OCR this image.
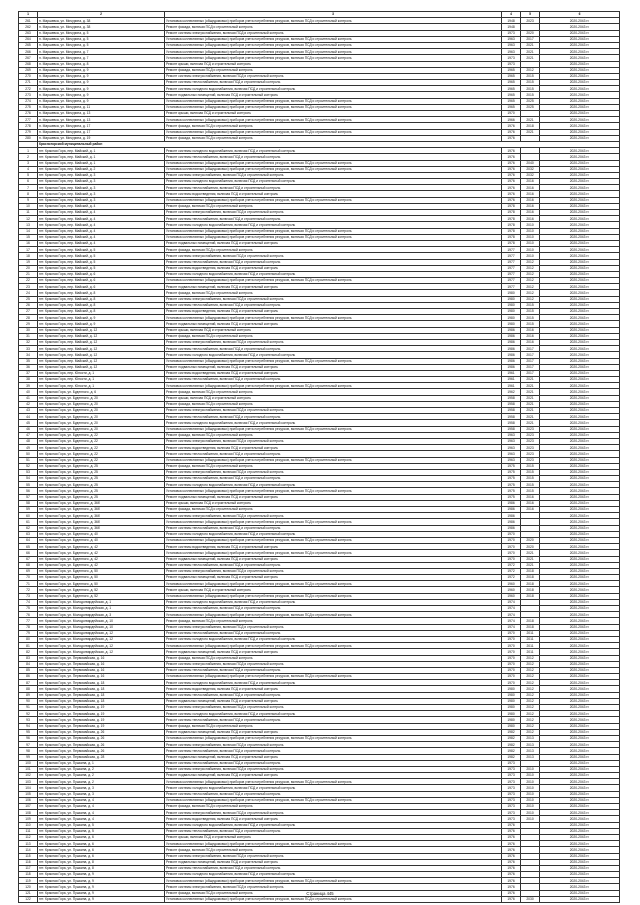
1	2	3	4	5	6
261	п. Маршевка, ул. Мичурина, д. 38	Установка коллективных (общедомовых) приборов учета потребления ресурсов, включая ПСД и строительный контроль	1948	2023	2020-2043 гг.
262	п. Маршевка, ул. Мичурина, д. 38	Ремонт фасада, включая ПСД и строительный контроль	1948		2020-2043 гг.
263	п. Маршевка, ул. Мичурина, д. 5	Ремонт системы электроснабжения, включая ПСД и строительный контроль	1973	2020	2020-2043 гг.
264	п. Маршевка, ул. Мичурина, д. 5	Установка коллективных (общедомовых) приборов учета потребления ресурсов, включая ПСД и строительный контроль	1963	2017	2020-2043 гг.
265	п. Маршевка, ул. Мичурина, д. 5	Установка коллективных (общедомовых) приборов учета потребления ресурсов, включая ПСД и строительный контроль	1963	2021	2020-2043 гг.
266	п. Маршевка, ул. Мичурина, д. 7	Установка коллективных (общедомовых) приборов учета потребления ресурсов, включая ПСД и строительный контроль	1963	2021	2020-2043 гг.
267	п. Маршевка, ул. Мичурина, д. 7	Установка коллективных (общедомовых) приборов учета потребления ресурсов, включая ПСД и строительный контроль	1973	2021	2020-2043 гг.
268	п. Маршевка, ул. Мичурина, д. 8	Ремонт крыши, включая ПСД и строительный контроль	1973		2020-2043 гг.
269	п. Маршевка, ул. Мичурина, д. 9	Ремонт фасада, включая ПСД и строительный контроль	1965	2012	2020-2043 гг.
270	п. Маршевка, ул. Мичурина, д. 9	Ремонт системы электроснабжения, включая ПСД и строительный контроль	1965	2015	2020-2043 гг.
271	п. Маршевка, ул. Мичурина, д. 9	Ремонт системы теплоснабжения, включая ПСД и строительный контроль	1965	2015	2020-2043 гг.
272	п. Маршевка, ул. Мичурина, д. 9	Ремонт системы холодного водоснабжения, включая ПСД и строительный контроль	1965	2015	2020-2043 гг.
273	п. Маршевка, ул. Мичурина, д. 9	Ремонт подвальных помещений, включая ПСД и строительный контроль	1965	2015	2020-2043 гг.
274	п. Маршевка, ул. Мичурина, д. 9	Установка коллективных (общедомовых) приборов учета потребления ресурсов, включая ПСД и строительный контроль	1965	2025	2020-2043 гг.
275	п. Маршевка, ул. Мичурина, д. 11	Установка коллективных (общедомовых) приборов учета потребления ресурсов, включая ПСД и строительный контроль	1965	2025	2020-2043 гг.
276	п. Маршевка, ул. Мичурина, д. 13	Ремонт крыши, включая ПСД и строительный контроль	1970		2020-2043 гг.
277	п. Маршевка, ул. Мичурина, д. 13	Установка коллективных (общедомовых) приборов учета потребления ресурсов, включая ПСД и строительный контроль	1966	2021	2020-2043 гг.
278	п. Маршевка, ул. Мичурина, д. 17	Ремонт фасада, включая ПСД и строительный контроль	1976	2018	2020-2043 гг.
279	п. Маршевка, ул. Мичурина, д. 17	Установка коллективных (общедомовых) приборов учета потребления ресурсов, включая ПСД и строительный контроль	1976	2021	2020-2043 гг.
280	п. Маршевка, ул. Мичурина, д. 19	Ремонт фасада, включая ПСД и строительный контроль	1976		2020-2043 гг.
	Красногорский муниципальный район				
1	пгт. Красная Гора, пер. Майский, д. 1	Ремонт системы холодного водоснабжения, включая ПСД и строительный контроль	1976		2020-2043 гг.
2	пгт. Красная Гора, пер. Майский, д. 1	Ремонт системы теплоснабжения, включая ПСД и строительный контроль	1976		2020-2043 гг.
3	пгт. Красная Гора, пер. Майский, д. 1	Установка коллективных (общедомовых) приборов учета потребления ресурсов, включая ПСД и строительный контроль	1976	2040	2020-2043 гг.
4	пгт. Красная Гора, пер. Майский, д. 2	Установка коллективных (общедомовых) приборов учета потребления ресурсов, включая ПСД и строительный контроль	1976	2032	2020-2043 гг.
5	пгт. Красная Гора, пер. Майский, д. 3	Ремонт системы электроснабжения, включая ПСД и строительный контроль	1976	2032	2020-2043 гг.
6	пгт. Красная Гора, пер. Майский, д. 3	Ремонт системы холодного водоснабжения, включая ПСД и строительный контроль	1976	2016	2020-2043 гг.
7	пгт. Красная Гора, пер. Майский, д. 3	Ремонт системы теплоснабжения, включая ПСД и строительный контроль	1976	2016	2020-2043 гг.
8	пгт. Красная Гора, пер. Майский, д. 3	Ремонт системы водоотведения, включая ПСД и строительный контроль	1976	2016	2020-2043 гг.
9	пгт. Красная Гора, пер. Майский, д. 3	Установка коллективных (общедомовых) приборов учета потребления ресурсов, включая ПСД и строительный контроль	1976	2016	2020-2043 гг.
10	пгт. Красная Гора, пер. Майский, д. 4	Ремонт фасада, включая ПСД и строительный контроль	1978	2016	2020-2043 гг.
11	пгт. Красная Гора, пер. Майский, д. 4	Ремонт системы электроснабжения, включая ПСД и строительный контроль	1978	2016	2020-2043 гг.
12	пгт. Красная Гора, пер. Майский, д. 4	Ремонт системы теплоснабжения, включая ПСД и строительный контроль	1978	2016	2020-2043 гг.
13	пгт. Красная Гора, пер. Майский, д. 4	Ремонт системы холодного водоснабжения, включая ПСД и строительный контроль	1978	2010	2020-2043 гг.
14	пгт. Красная Гора, пер. Майский, д. 4	Установка коллективных (общедомовых) приборов учета потребления ресурсов, включая ПСД и строительный контроль	1978	2010	2020-2043 гг.
15	пгт. Красная Гора, пер. Майский, д. 4	Установка коллективных (общедомовых) приборов учета потребления ресурсов, включая ПСД и строительный контроль	1978	2010	2020-2043 гг.
16	пгт. Красная Гора, пер. Майский, д. 4	Ремонт подвальных помещений, включая ПСД и строительный контроль	1978	2010	2020-2043 гг.
17	пгт. Красная Гора, пер. Майский, д. 5	Ремонт фасада, включая ПСД и строительный контроль	1977	2010	2020-2043 гг.
18	пгт. Красная Гора, пер. Майский, д. 5	Ремонт системы электроснабжения, включая ПСД и строительный контроль	1977	2010	2020-2043 гг.
19	пгт. Красная Гора, пер. Майский, д. 5	Ремонт системы теплоснабжения, включая ПСД и строительный контроль	1977	2012	2020-2043 гг.
20	пгт. Красная Гора, пер. Майский, д. 5	Ремонт системы водоотведения, включая ПСД и строительный контроль	1977	2012	2020-2043 гг.
21	пгт. Красная Гора, пер. Майский, д. 6	Ремонт системы холодного водоснабжения, включая ПСД и строительный контроль	1977	2012	2020-2043 гг.
22	пгт. Красная Гора, пер. Майский, д. 6	Установка коллективных (общедомовых) приборов учета потребления ресурсов, включая ПСД и строительный контроль	1977	2012	2020-2043 гг.
23	пгт. Красная Гора, пер. Майский, д. 6	Ремонт подвальных помещений, включая ПСД и строительный контроль	1977	2012	2020-2043 гг.
24	пгт. Красная Гора, пер. Майский, д. 8	Ремонт фасада, включая ПСД и строительный контроль	1980	2012	2020-2043 гг.
25	пгт. Красная Гора, пер. Майский, д. 8	Ремонт системы электроснабжения, включая ПСД и строительный контроль	1980	2012	2020-2043 гг.
26	пгт. Красная Гора, пер. Майский, д. 8	Ремонт системы теплоснабжения, включая ПСД и строительный контроль	1980	2015	2020-2043 гг.
27	пгт. Красная Гора, пер. Майский, д. 8	Ремонт системы водоотведения, включая ПСД и строительный контроль	1980	2015	2020-2043 гг.
28	пгт. Красная Гора, пер. Майский, д. 9	Установка коллективных (общедомовых) приборов учета потребления ресурсов, включая ПСД и строительный контроль	1980	2015	2020-2043 гг.
29	пгт. Красная Гора, пер. Майский, д. 9	Ремонт подвальных помещений, включая ПСД и строительный контроль	1980	2015	2020-2043 гг.
30	пгт. Красная Гора, пер. Майский, д. 12	Ремонт крыши, включая ПСД и строительный контроль	1986	2016	2020-2043 гг.
31	пгт. Красная Гора, пер. Майский, д. 12	Ремонт фасада, включая ПСД и строительный контроль	1986	2016	2020-2043 гг.
32	пгт. Красная Гора, пер. Майский, д. 12	Ремонт системы электроснабжения, включая ПСД и строительный контроль	1986	2016	2020-2043 гг.
33	пгт. Красная Гора, пер. Майский, д. 12	Ремонт системы теплоснабжения, включая ПСД и строительный контроль	1986	2017	2020-2043 гг.
34	пгт. Красная Гора, пер. Майский, д. 12	Ремонт системы холодного водоснабжения, включая ПСД и строительный контроль	1986	2017	2020-2043 гг.
35	пгт. Красная Гора, пер. Майский, д. 12	Установка коллективных (общедомовых) приборов учета потребления ресурсов, включая ПСД и строительный контроль	1986	2017	2020-2043 гг.
36	пгт. Красная Гора, пер. Майский, д. 12	Ремонт подвальных помещений, включая ПСД и строительный контроль	1986	2017	2020-2043 гг.
37	пгт. Красная Гора, пер. Юности, д. 1	Ремонт системы водоотведения, включая ПСД и строительный контроль	1961	2017	2020-2043 гг.
38	пгт. Красная Гора, пер. Юности, д. 1	Ремонт системы теплоснабжения, включая ПСД и строительный контроль	1961	2021	2020-2043 гг.
39	пгт. Красная Гора, пер. Юности, д. 1	Установка коллективных (общедомовых) приборов учета потребления ресурсов, включая ПСД и строительный контроль	1961	2021	2020-2043 гг.
40	пгт. Красная Гора, ул. Буденного, д. 6	Ремонт фасада, включая ПСД и строительный контроль	1962	2021	2020-2043 гг.
41	пгт. Красная Гора, ул. Буденного, д. 20	Ремонт крыши, включая ПСД и строительный контроль	1958	2021	2020-2043 гг.
42	пгт. Красная Гора, ул. Буденного, д. 20	Ремонт фасада, включая ПСД и строительный контроль	1958	2021	2020-2043 гг.
43	пгт. Красная Гора, ул. Буденного, д. 20	Ремонт системы электроснабжения, включая ПСД и строительный контроль	1958	2021	2020-2043 гг.
44	пгт. Красная Гора, ул. Буденного, д. 20	Ремонт системы теплоснабжения, включая ПСД и строительный контроль	1958	2021	2020-2043 гг.
45	пгт. Красная Гора, ул. Буденного, д. 20	Ремонт системы холодного водоснабжения, включая ПСД и строительный контроль	1958	2021	2020-2043 гг.
46	пгт. Красная Гора, ул. Буденного, д. 20	Установка коллективных (общедомовых) приборов учета потребления ресурсов, включая ПСД и строительный контроль	1958	2023	2020-2043 гг.
47	пгт. Красная Гора, ул. Буденного, д. 22	Ремонт фасада, включая ПСД и строительный контроль	1963	2023	2020-2043 гг.
48	пгт. Красная Гора, ул. Буденного, д. 22	Ремонт системы электроснабжения, включая ПСД и строительный контроль	1963	2023	2020-2043 гг.
49	пгт. Красная Гора, ул. Буденного, д. 22	Ремонт системы водоотведения, включая ПСД и строительный контроль	1963	2023	2020-2043 гг.
50	пгт. Красная Гора, ул. Буденного, д. 22	Ремонт системы теплоснабжения, включая ПСД и строительный контроль	1963	2023	2020-2043 гг.
51	пгт. Красная Гора, ул. Буденного, д. 22	Установка коллективных (общедомовых) приборов учета потребления ресурсов, включая ПСД и строительный контроль	1963	2023	2020-2043 гг.
52	пгт. Красная Гора, ул. Буденного, д. 25	Ремонт фасада, включая ПСД и строительный контроль	1975	2015	2020-2043 гг.
53	пгт. Красная Гора, ул. Буденного, д. 25	Ремонт системы электроснабжения, включая ПСД и строительный контроль	1975	2015	2020-2043 гг.
54	пгт. Красная Гора, ул. Буденного, д. 25	Ремонт системы теплоснабжения, включая ПСД и строительный контроль	1975	2015	2020-2043 гг.
55	пгт. Красная Гора, ул. Буденного, д. 25	Ремонт системы холодного водоснабжения, включая ПСД и строительный контроль	1975	2015	2020-2043 гг.
56	пгт. Красная Гора, ул. Буденного, д. 25	Установка коллективных (общедомовых) приборов учета потребления ресурсов, включая ПСД и строительный контроль	1975	2015	2020-2043 гг.
57	пгт. Красная Гора, ул. Буденного, д. 25	Ремонт подвальных помещений, включая ПСД и строительный контроль	1975	2016	2020-2043 гг.
58	пгт. Красная Гора, ул. Буденного, д. 36б	Ремонт крыши, включая ПСД и строительный контроль	1986	2016	2020-2043 гг.
59	пгт. Красная Гора, ул. Буденного, д. 36б	Ремонт фасада, включая ПСД и строительный контроль	1986	2016	2020-2043 гг.
60	пгт. Красная Гора, ул. Буденного, д. 36б	Ремонт системы электроснабжения, включая ПСД и строительный контроль	1986		2020-2043 гг.
61	пгт. Красная Гора, ул. Буденного, д. 36б	Установка коллективных (общедомовых) приборов учета потребления ресурсов, включая ПСД и строительный контроль	1986		2020-2043 гг.
62	пгт. Красная Гора, ул. Буденного, д. 36б	Ремонт системы теплоснабжения, включая ПСД и строительный контроль	1986		2020-2043 гг.
63	пгт. Красная Гора, ул. Буденного, д. 40	Ремонт системы холодного водоснабжения, включая ПСД и строительный контроль	1970		2020-2043 гг.
64	пгт. Красная Гора, ул. Буденного, д. 40	Установка коллективных (общедомовых) приборов учета потребления ресурсов, включая ПСД и строительный контроль	1970	2020	2020-2043 гг.
65	пгт. Красная Гора, ул. Буденного, д. 42	Ремонт системы водоотведения, включая ПСД и строительный контроль	1970	2020	2020-2043 гг.
66	пгт. Красная Гора, ул. Буденного, д. 42	Установка коллективных (общедомовых) приборов учета потребления ресурсов, включая ПСД и строительный контроль	1970	2021	2020-2043 гг.
67	пгт. Красная Гора, ул. Буденного, д. 42	Ремонт подвальных помещений, включая ПСД и строительный контроль	1970	2021	2020-2043 гг.
68	пгт. Красная Гора, ул. Буденного, д. 42	Ремонт системы теплоснабжения, включая ПСД и строительный контроль	1972	2021	2020-2043 гг.
69	пгт. Красная Гора, ул. Буденного, д. 50	Ремонт системы электроснабжения, включая ПСД и строительный контроль	1972	2018	2020-2043 гг.
70	пгт. Красная Гора, ул. Буденного, д. 50	Ремонт подвальных помещений, включая ПСД и строительный контроль	1972	2018	2020-2043 гг.
71	пгт. Красная Гора, ул. Буденного, д. 50	Установка коллективных (общедомовых) приборов учета потребления ресурсов, включая ПСД и строительный контроль	1960	2018	2020-2043 гг.
72	пгт. Красная Гора, ул. Буденного, д. 52	Ремонт крыши, включая ПСД и строительный контроль	1960	2018	2020-2043 гг.
73	пгт. Красная Гора, ул. Буденного, д. 52	Установка коллективных (общедомовых) приборов учета потребления ресурсов, включая ПСД и строительный контроль	1960	2018	2020-2043 гг.
74	пгт. Красная Гора, ул. Молодогвардейская, д. 1	Ремонт системы холодного водоснабжения, включая ПСД и строительный контроль	1974		2020-2043 гг.
75	пгт. Красная Гора, ул. Молодогвардейская, д. 1	Ремонт системы теплоснабжения, включая ПСД и строительный контроль	1974		2020-2043 гг.
76	пгт. Красная Гора, ул. Молодогвардейская, д. 3	Установка коллективных (общедомовых) приборов учета потребления ресурсов, включая ПСД и строительный контроль	1974		2020-2043 гг.
77	пгт. Красная Гора, ул. Молодогвардейская, д. 10	Ремонт фасада, включая ПСД и строительный контроль	1974	2018	2020-2043 гг.
78	пгт. Красная Гора, ул. Молодогвардейская, д. 10	Ремонт системы электроснабжения, включая ПСД и строительный контроль	1974	2018	2020-2043 гг.
79	пгт. Красная Гора, ул. Молодогвардейская, д. 12	Ремонт системы теплоснабжения, включая ПСД и строительный контроль	1970	2011	2020-2043 гг.
80	пгт. Красная Гора, ул. Молодогвардейская, д. 12	Ремонт системы холодного водоснабжения, включая ПСД и строительный контроль	1970	2011	2020-2043 гг.
81	пгт. Красная Гора, ул. Молодогвардейская, д. 12	Установка коллективных (общедомовых) приборов учета потребления ресурсов, включая ПСД и строительный контроль	1970	2011	2020-2043 гг.
82	пгт. Красная Гора, ул. Молодогвардейская, д. 12	Ремонт подвальных помещений, включая ПСД и строительный контроль	1970	2011	2020-2043 гг.
83	пгт. Красная Гора, ул. Первомайская, д. 16	Ремонт фасада, включая ПСД и строительный контроль	1970	2012	2020-2043 гг.
84	пгт. Красная Гора, ул. Первомайская, д. 16	Ремонт системы электроснабжения, включая ПСД и строительный контроль	1970	2012	2020-2043 гг.
85	пгт. Красная Гора, ул. Первомайская, д. 16	Ремонт системы теплоснабжения, включая ПСД и строительный контроль	1970	2012	2020-2043 гг.
86	пгт. Красная Гора, ул. Первомайская, д. 16	Установка коллективных (общедомовых) приборов учета потребления ресурсов, включая ПСД и строительный контроль	1970	2012	2020-2043 гг.
87	пгт. Красная Гора, ул. Первомайская, д. 18	Ремонт системы холодного водоснабжения, включая ПСД и строительный контроль	1970	2012	2020-2043 гг.
88	пгт. Красная Гора, ул. Первомайская, д. 18	Ремонт системы водоотведения, включая ПСД и строительный контроль	1980	2012	2020-2043 гг.
89	пгт. Красная Гора, ул. Первомайская, д. 18	Ремонт системы теплоснабжения, включая ПСД и строительный контроль	1980	2012	2020-2043 гг.
90	пгт. Красная Гора, ул. Первомайская, д. 18	Ремонт подвальных помещений, включая ПСД и строительный контроль	1980	2012	2020-2043 гг.
91	пгт. Красная Гора, ул. Первомайская, д. 19	Ремонт системы электроснабжения, включая ПСД и строительный контроль	1980	2012	2020-2043 гг.
92	пгт. Красная Гора, ул. Первомайская, д. 19	Ремонт системы холодного водоснабжения, включая ПСД и строительный контроль	1980	2012	2020-2043 гг.
93	пгт. Красная Гора, ул. Первомайская, д. 19	Ремонт системы теплоснабжения, включая ПСД и строительный контроль	1980	2012	2020-2043 гг.
94	пгт. Красная Гора, ул. Первомайская, д. 19	Ремонт фасада, включая ПСД и строительный контроль	1980	2012	2020-2043 гг.
95	пгт. Красная Гора, ул. Первомайская, д. 26	Ремонт подвальных помещений, включая ПСД и строительный контроль	1982	2012	2020-2043 гг.
96	пгт. Красная Гора, ул. Первомайская, д. 26	Установка коллективных (общедомовых) приборов учета потребления ресурсов, включая ПСД и строительный контроль	1982	2013	2020-2043 гг.
97	пгт. Красная Гора, ул. Первомайская, д. 26	Ремонт системы электроснабжения, включая ПСД и строительный контроль	1982	2013	2020-2043 гг.
98	пгт. Красная Гора, ул. Первомайская, д. 26	Ремонт системы теплоснабжения, включая ПСД и строительный контроль	1982	2013	2020-2043 гг.
99	пгт. Красная Гора, ул. Первомайская, д. 28	Ремонт подвальных помещений, включая ПСД и строительный контроль	1982	2013	2020-2043 гг.
100	пгт. Красная Гора, ул. Пушкина, д. 1	Ремонт системы теплоснабжения, включая ПСД и строительный контроль	1973		2020-2043 гг.
101	пгт. Красная Гора, ул. Пушкина, д. 2	Ремонт системы электроснабжения, включая ПСД и строительный контроль	1973	2010	2020-2043 гг.
102	пгт. Красная Гора, ул. Пушкина, д. 2	Ремонт подвальных помещений, включая ПСД и строительный контроль	1973	2010	2020-2043 гг.
103	пгт. Красная Гора, ул. Пушкина, д. 2	Установка коллективных (общедомовых) приборов учета потребления ресурсов, включая ПСД и строительный контроль	1973	2010	2020-2043 гг.
104	пгт. Красная Гора, ул. Пушкина, д. 3	Ремонт системы холодного водоснабжения, включая ПСД и строительный контроль	1973	2010	2020-2043 гг.
105	пгт. Красная Гора, ул. Пушкина, д. 3	Ремонт системы теплоснабжения, включая ПСД и строительный контроль	1973	2010	2020-2043 гг.
106	пгт. Красная Гора, ул. Пушкина, д. 4	Установка коллективных (общедомовых) приборов учета потребления ресурсов, включая ПСД и строительный контроль	1973	2010	2020-2043 гг.
107	пгт. Красная Гора, ул. Пушкина, д. 4	Ремонт фасада, включая ПСД и строительный контроль	1973	2010	2020-2043 гг.
108	пгт. Красная Гора, ул. Пушкина, д. 4	Ремонт системы электроснабжения, включая ПСД и строительный контроль	1973	2010	2020-2043 гг.
109	пгт. Красная Гора, ул. Пушкина, д. 4	Ремонт системы водоотведения, включая ПСД и строительный контроль	1973	2010	2020-2043 гг.
110	пгт. Красная Гора, ул. Пушкина, д. 5	Ремонт системы холодного водоснабжения, включая ПСД и строительный контроль	1976		2020-2043 гг.
111	пгт. Красная Гора, ул. Пушкина, д. 5	Ремонт системы теплоснабжения, включая ПСД и строительный контроль	1976		2020-2043 гг.
112	пгт. Красная Гора, ул. Пушкина, д. 6	Ремонт крыши, включая ПСД и строительный контроль	1976		2020-2043 гг.
113	пгт. Красная Гора, ул. Пушкина, д. 6	Установка коллективных (общедомовых) приборов учета потребления ресурсов, включая ПСД и строительный контроль	1976		2020-2043 гг.
114	пгт. Красная Гора, ул. Пушкина, д. 6	Ремонт фасада, включая ПСД и строительный контроль	1976		2020-2043 гг.
115	пгт. Красная Гора, ул. Пушкина, д. 6	Ремонт системы электроснабжения, включая ПСД и строительный контроль	1976		2020-2043 гг.
116	пгт. Красная Гора, ул. Пушкина, д. 8	Ремонт подвальных помещений, включая ПСД и строительный контроль	1976		2020-2043 гг.
117	пгт. Красная Гора, ул. Пушкина, д. 8	Ремонт системы теплоснабжения, включая ПСД и строительный контроль	1976		2020-2043 гг.
118	пгт. Красная Гора, ул. Пушкина, д. 9	Ремонт системы холодного водоснабжения, включая ПСД и строительный контроль	1976		2020-2043 гг.
119	пгт. Красная Гора, ул. Пушкина, д. 9	Установка коллективных (общедомовых) приборов учета потребления ресурсов, включая ПСД и строительный контроль	1976		2020-2043 гг.
120	пгт. Красная Гора, ул. Пушкина, д. 9	Ремонт системы электроснабжения, включая ПСД и строительный контроль	1976		2020-2043 гг.
121	пгт. Красная Гора, ул. Пушкина, д. 9	Ремонт фасада, включая ПСД и строительный контроль	1976		2020-2043 гг.
122	пгт. Красная Гора, ул. Пушкина, д. 9	Установка коллективных (общедомовых) приборов учета потребления ресурсов, включая ПСД и строительный контроль	1976	2030	2020-2043 гг.
Страница 445
